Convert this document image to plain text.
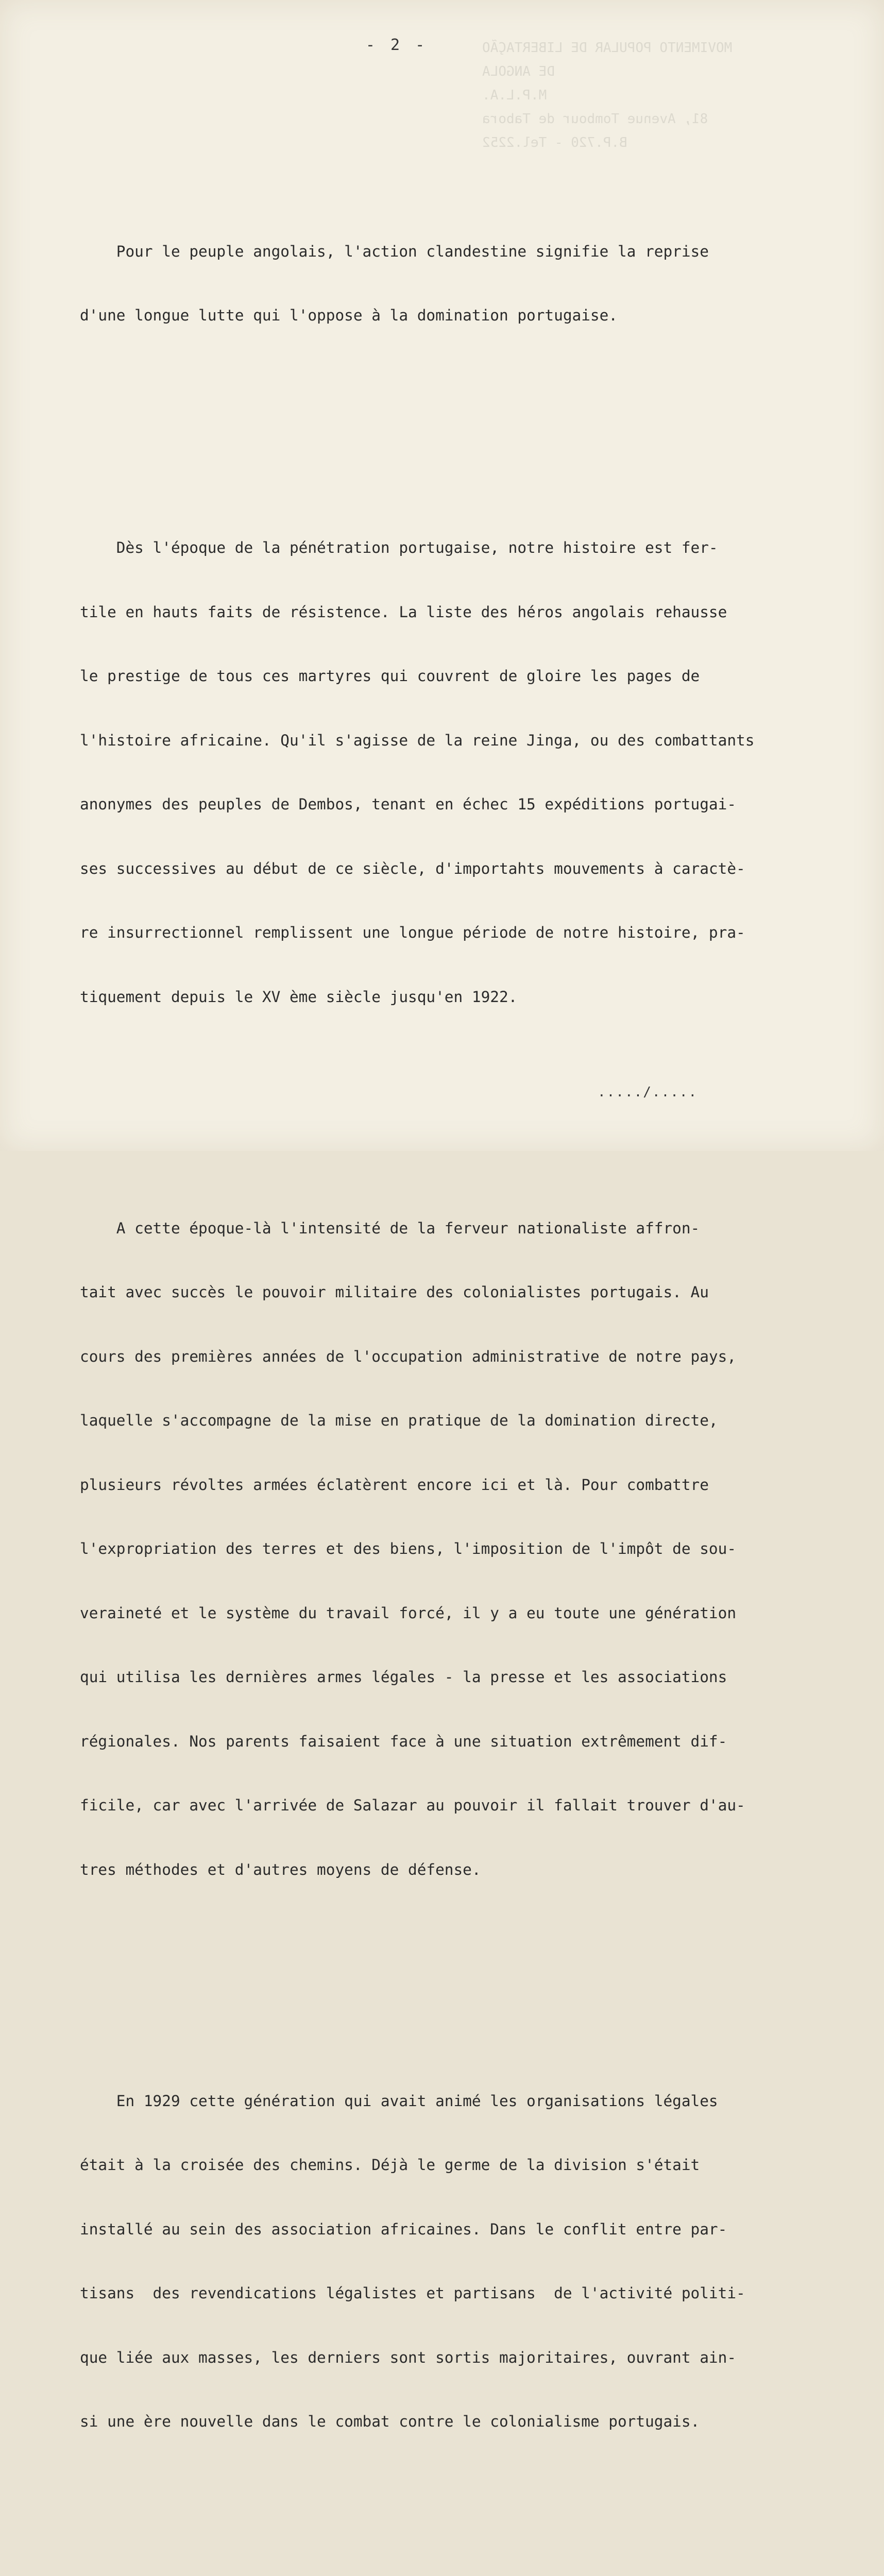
MOVIMENTO POPULAR DE LIBERTAÇÃO
DE ANGOLA
M.P.L.A.
81, Avenue Tombour de Tabora
B.P.720 - Tel.2252
- 2 -

Pour le peuple angolais, l'action clandestine signifie la reprise

d'une longue lutte qui l'oppose à la domination portugaise.

Dès l'époque de la pénétration portugaise, notre histoire est fer-

tile en hauts faits de résistence. La liste des héros angolais rehausse

le prestige de tous ces martyres qui couvrent de gloire les pages de

l'histoire africaine. Qu'il s'agisse de la reine Jinga, ou des combattants

anonymes des peuples de Dembos, tenant en échec 15 expéditions portugai-

ses successives au début de ce siècle, d'importahts mouvements à caractè-

re insurrectionnel remplissent une longue période de notre histoire, pra-

tiquement depuis le XV ème siècle jusqu'en 1922.

A cette époque-là l'intensité de la ferveur nationaliste affron-

tait avec succès le pouvoir militaire des colonialistes portugais. Au

cours des premières années de l'occupation administrative de notre pays,

laquelle s'accompagne de la mise en pratique de la domination directe,

plusieurs révoltes armées éclatèrent encore ici et là. Pour combattre

l'expropriation des terres et des biens, l'imposition de l'impôt de sou-

veraineté et le système du travail forcé, il y a eu toute une génération

qui utilisa les dernières armes légales - la presse et les associations

régionales. Nos parents faisaient face à une situation extrêmement dif-

ficile, car avec l'arrivée de Salazar au pouvoir il fallait trouver d'au-

tres méthodes et d'autres moyens de défense.

En 1929 cette génération qui avait animé les organisations légales

était à la croisée des chemins. Déjà le germe de la division s'était

installé au sein des association africaines. Dans le conflit entre par-

tisans  des revendications légalistes et partisans  de l'activité politi-

que liée aux masses, les derniers sont sortis majoritaires, ouvrant ain-

si une ère nouvelle dans le combat contre le colonialisme portugais.

...../.....
